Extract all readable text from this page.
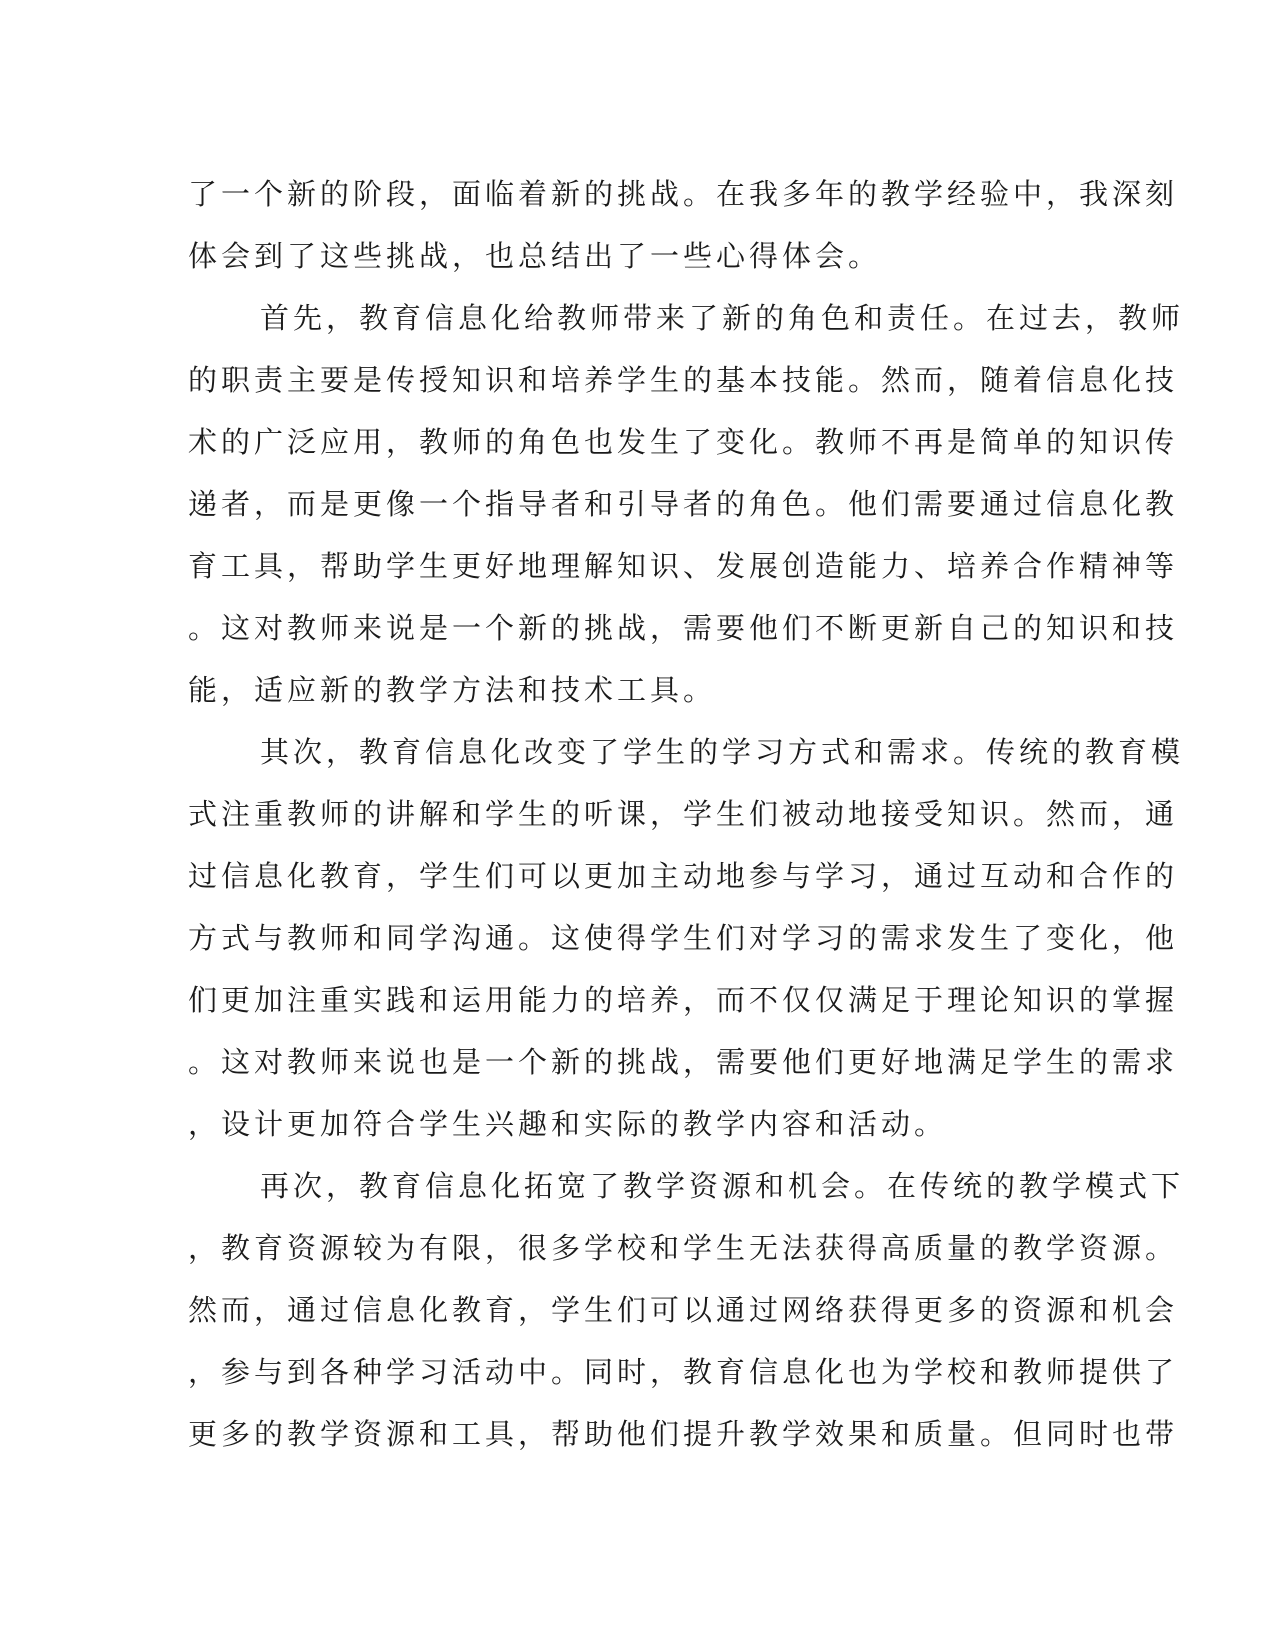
了一个新的阶段，面临着新的挑战。在我多年的教学经验中，我深刻
体会到了这些挑战，也总结出了一些心得体会。
首先，教育信息化给教师带来了新的角色和责任。在过去，教师
的职责主要是传授知识和培养学生的基本技能。然而，随着信息化技
术的广泛应用，教师的角色也发生了变化。教师不再是简单的知识传
递者，而是更像一个指导者和引导者的角色。他们需要通过信息化教
育工具，帮助学生更好地理解知识、发展创造能力、培养合作精神等
。这对教师来说是一个新的挑战，需要他们不断更新自己的知识和技
能，适应新的教学方法和技术工具。
其次，教育信息化改变了学生的学习方式和需求。传统的教育模
式注重教师的讲解和学生的听课，学生们被动地接受知识。然而，通
过信息化教育，学生们可以更加主动地参与学习，通过互动和合作的
方式与教师和同学沟通。这使得学生们对学习的需求发生了变化，他
们更加注重实践和运用能力的培养，而不仅仅满足于理论知识的掌握
。这对教师来说也是一个新的挑战，需要他们更好地满足学生的需求
，设计更加符合学生兴趣和实际的教学内容和活动。
再次，教育信息化拓宽了教学资源和机会。在传统的教学模式下
，教育资源较为有限，很多学校和学生无法获得高质量的教学资源。
然而，通过信息化教育，学生们可以通过网络获得更多的资源和机会
，参与到各种学习活动中。同时，教育信息化也为学校和教师提供了
更多的教学资源和工具，帮助他们提升教学效果和质量。但同时也带
